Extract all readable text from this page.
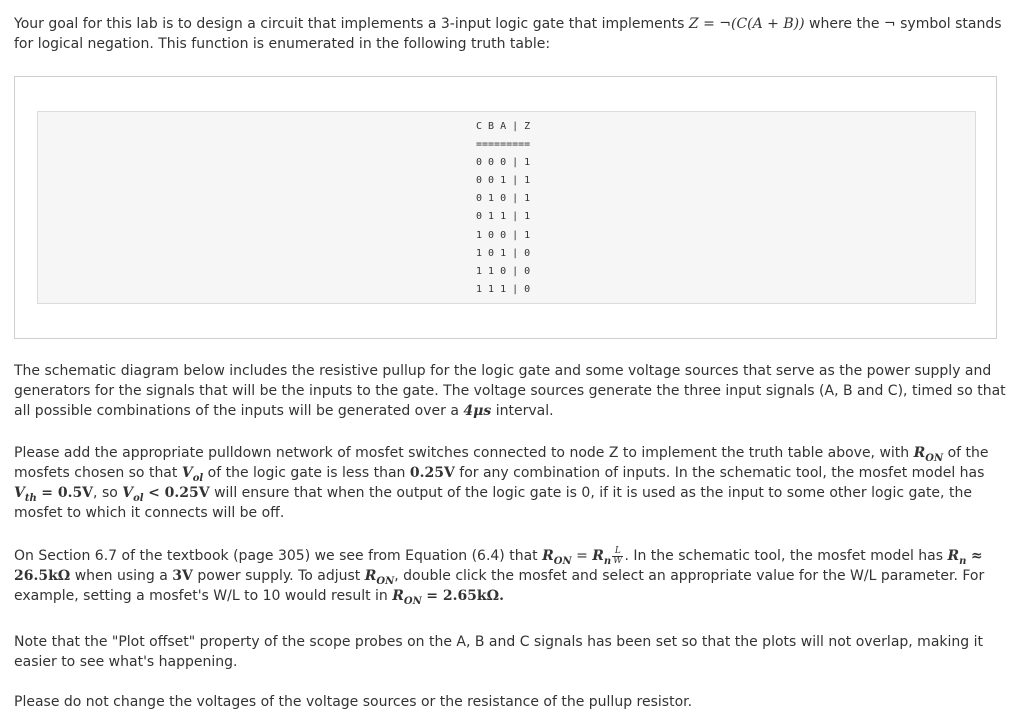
Your goal for this lab is to design a circuit that implements a 3-input logic gate that implements Z = ¬(C(A + B)) where the ¬ symbol stands for logical negation. This function is enumerated in the following truth table:

C B A | Z
=========
0 0 0 | 1
0 0 1 | 1
0 1 0 | 1
0 1 1 | 1
1 0 0 | 1
1 0 1 | 0
1 1 0 | 0
1 1 1 | 0

The schematic diagram below includes the resistive pullup for the logic gate and some voltage sources that serve as the power supply and generators for the signals that will be the inputs to the gate. The voltage sources generate the three input signals (A, B and C), timed so that all possible combinations of the inputs will be generated over a 4μs interval.

Please add the appropriate pulldown network of mosfet switches connected to node Z to implement the truth table above, with $R_{ON}$ of the mosfets chosen so that $V_{ol}$ of the logic gate is less than 0.25V for any combination of inputs. In the schematic tool, the mosfet model has $V_{th} = 0.5V$, so $V_{ol} < 0.25V$ will ensure that when the output of the logic gate is 0, if it is used as the input to some other logic gate, the mosfet to which it connects will be off.

On Section 6.7 of the textbook (page 305) we see from Equation (6.4) that $R_{ON} = R_n \frac{L}{W}$ . In the schematic tool, the mosfet model has $R_n \approx 26.5k\Omega$ when using a 3V power supply. To adjust $R_{ON}$, double click the mosfet and select an appropriate value for the W/L parameter. For example, setting a mosfet's W/L to 10 would result in $R_{ON} = 2.65k\Omega$.

Note that the "Plot offset" property of the scope probes on the A, B and C signals has been set so that the plots will not overlap, making it easier to see what's happening.

Please do not change the voltages of the voltage sources or the resistance of the pullup resistor.
